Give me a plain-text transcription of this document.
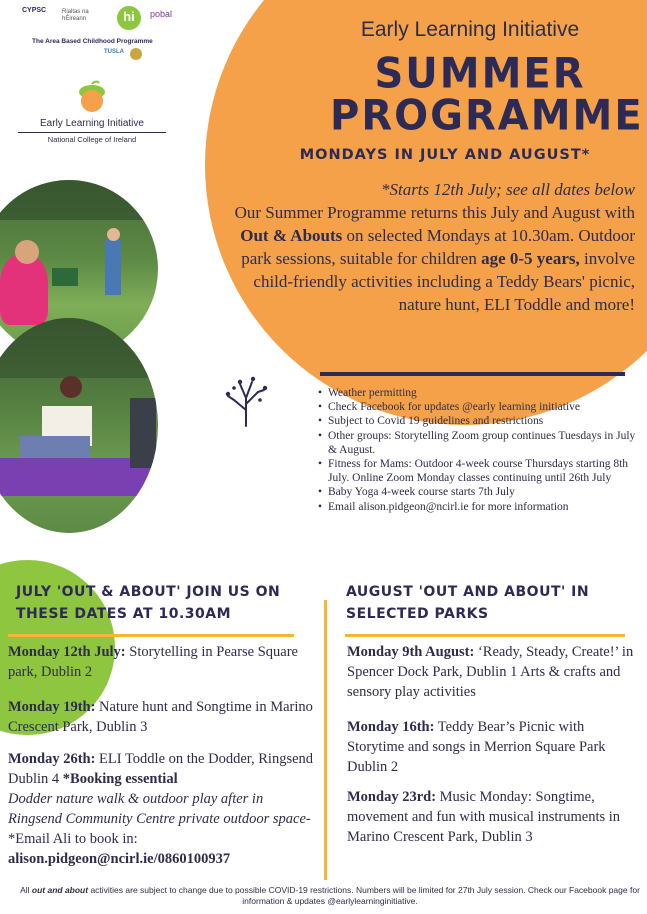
CYPSC	Rialtas na hÉireann	hi	pobal
The Area Based Childhood Programme
TUSLA
Early Learning Initiative
National College of Ireland
Early Learning Initiative
SUMMER
PROGRAMME
MONDAYS IN JULY AND AUGUST*
*Starts 12th July; see all dates below
Our Summer Programme returns this July and August with Out & Abouts on selected Mondays at 10.30am. Outdoor park sessions, suitable for children age 0-5 years, involve child-friendly activities including a Teddy Bears' picnic, nature hunt, ELI Toddle and more!
• Weather permitting
• Check Facebook for updates @early learning initiative
• Subject to Covid 19 guidelines and restrictions
• Other groups: Storytelling Zoom group continues Tuesdays in July & August.
• Fitness for Mams: Outdoor 4-week course Thursdays starting 8th July. Online Zoom Monday classes continuing until 26th July
• Baby Yoga 4-week course starts 7th July
• Email alison.pidgeon@ncirl.ie for more information
JULY 'OUT & ABOUT' JOIN US ON THESE DATES AT 10.30AM
AUGUST 'OUT AND ABOUT' IN SELECTED PARKS
Monday 12th July: Storytelling in Pearse Square park, Dublin 2
Monday 19th: Nature hunt and Songtime in Marino Crescent Park, Dublin 3
Monday 26th: ELI Toddle on the Dodder, Ringsend Dublin 4 *Booking essential
Dodder nature walk & outdoor play after in Ringsend Community Centre private outdoor space- *Email Ali to book in:
alison.pidgeon@ncirl.ie/0860100937
Monday 9th August: ‘Ready, Steady, Create!’ in Spencer Dock Park, Dublin 1 Arts & crafts and sensory play activities
Monday 16th: Teddy Bear’s Picnic with Storytime and songs in Merrion Square Park Dublin 2
Monday 23rd: Music Monday: Songtime, movement and fun with musical instruments in Marino Crescent Park, Dublin 3
All out and about activities are subject to change due to possible COVID-19 restrictions. Numbers will be limited for 27th July session. Check our Facebook page for information & updates @earlylearninginitiative.
